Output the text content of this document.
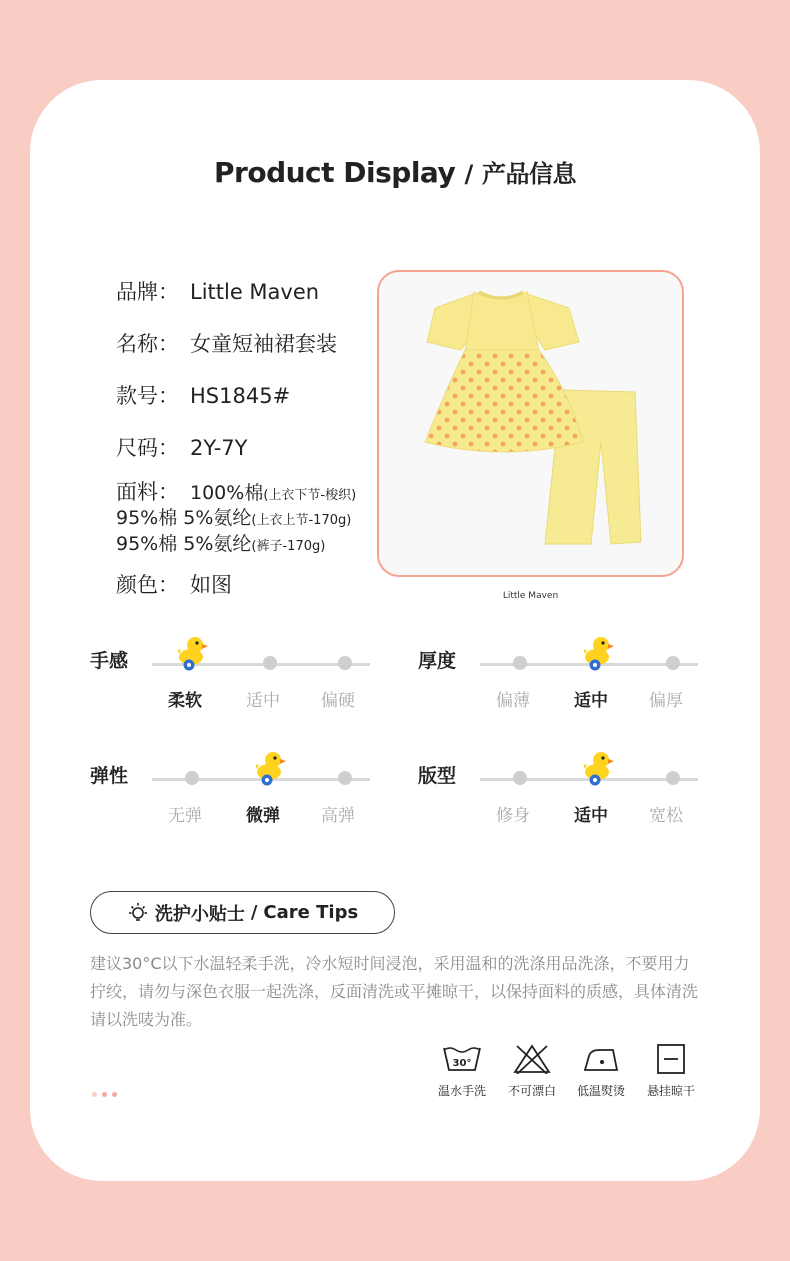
Product Display / 产品信息
品牌： Little Maven
名称： 女童短袖裙套装
款号： HS1845#
尺码： 2Y-7Y
面料： 100%棉(上衣下节-梭织)
95%棉 5%氨纶(上衣上节-170g)
95%棉 5%氨纶(裤子-170g)
颜色： 如图	Little Maven
手感
柔软	适中	偏硬
厚度
偏薄	适中	偏厚
弹性
无弹	微弹	高弹
版型
修身	适中	宽松
洗护小贴士 / Care Tips
建议30°C以下水温轻柔手洗，冷水短时间浸泡，采用温和的洗涤用品洗涤，不要用力拧绞，请勿与深色衣服一起洗涤，反面清洗或平摊晾干，以保持面料的质感，具体清洗请以洗唛为准。
30°
温水手洗	不可漂白	低温熨烫	悬挂晾干
